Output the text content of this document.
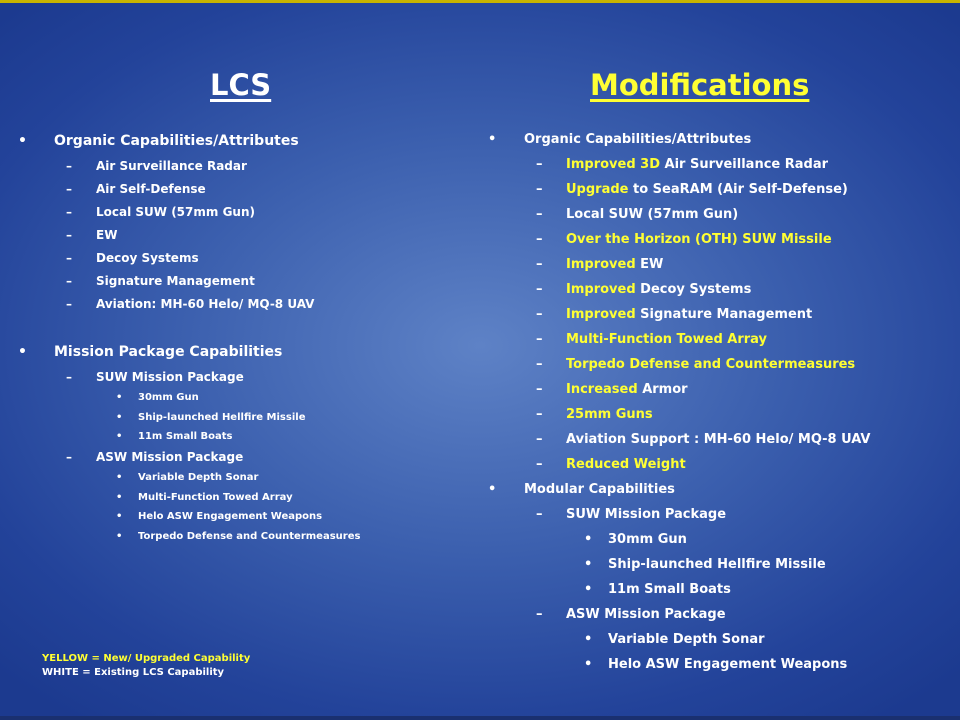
LCS	Modifications
• Organic Capabilities/Attributes
– Air Surveillance Radar
– Air Self-Defense
– Local SUW (57mm Gun)
– EW
– Decoy Systems
– Signature Management
– Aviation: MH-60 Helo/ MQ-8 UAV
• Mission Package Capabilities
– SUW Mission Package
• 30mm Gun
• Ship-launched Hellfire Missile
• 11m Small Boats
– ASW Mission Package
• Variable Depth Sonar
• Multi-Function Towed Array
• Helo ASW Engagement Weapons
• Torpedo Defense and Countermeasures
• Organic Capabilities/Attributes
– Improved 3D Air Surveillance Radar
– Upgrade to SeaRAM (Air Self-Defense)
– Local SUW (57mm Gun)
– Over the Horizon (OTH) SUW Missile
– Improved EW
– Improved Decoy Systems
– Improved Signature Management
– Multi-Function Towed Array
– Torpedo Defense and Countermeasures
– Increased Armor
– 25mm Guns
– Aviation Support : MH-60 Helo/ MQ-8 UAV
– Reduced Weight
• Modular Capabilities
– SUW Mission Package
• 30mm Gun
• Ship-launched Hellfire Missile
• 11m Small Boats
– ASW Mission Package
• Variable Depth Sonar
• Helo ASW Engagement Weapons
YELLOW = New/ Upgraded Capability
WHITE = Existing LCS Capability
